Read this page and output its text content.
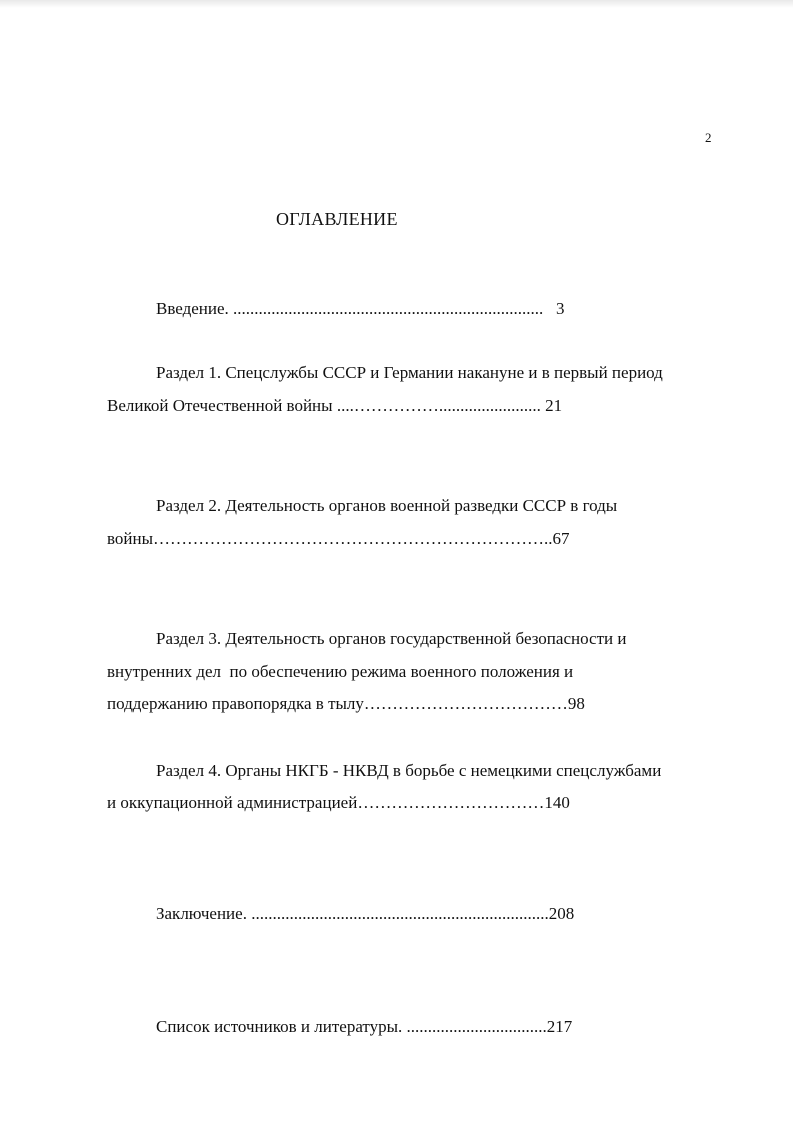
2
ОГЛАВЛЕНИЕ
Введение. .........................................................................   3
Раздел 1. Спецслужбы СССР и Германии накануне и в первый период
Великой Отечественной войны ....……………........................ 21
Раздел 2. Деятельность органов военной разведки СССР в годы
войны……………………………………………………………..67
Раздел 3. Деятельность органов государственной безопасности и
внутренних дел  по обеспечению режима военного положения и
поддержанию правопорядка в тылу………………………………98
Раздел 4. Органы НКГБ - НКВД в борьбе с немецкими спецслужбами
и оккупационной администрацией……………………………140
Заключение. ......................................................................208
Список источников и литературы. .................................217
